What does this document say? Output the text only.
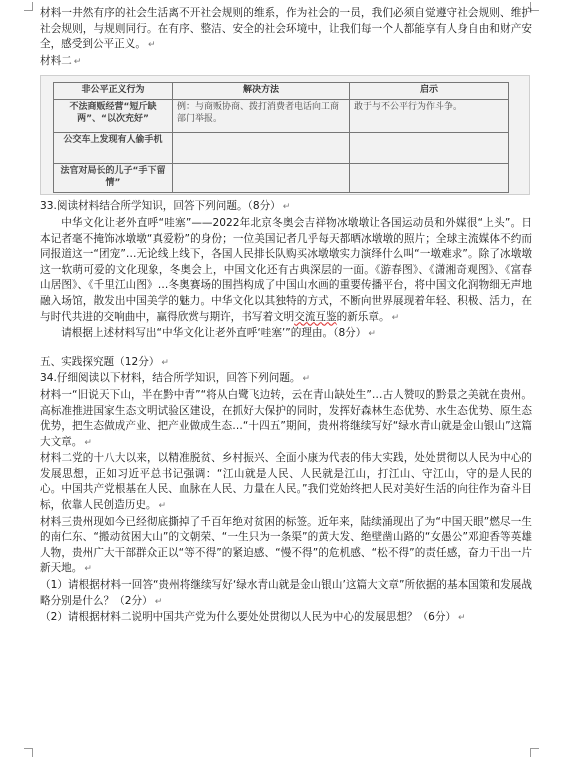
材料一井然有序的社会生活离不开社会规则的维系，作为社会的一员，我们必须自觉遵守社会规则、维护社会规则，与规则同行。在有序、整洁、安全的社会环境中，让我们每一个人都能享有人身自由和财产安全，感受到公平正义。 ↵

材料二 ↵

非公平正义行为	解决方法	启示
不法商贩经营“短斤缺两”、“以次充好”	例：与商贩协商、拨打消费者电话向工商部门举报。	敢于与不公平行为作斗争。
公交车上发现有人偷手机		
法官对局长的儿子“手下留情”		

33.阅读材料结合所学知识，回答下列问题。（8分） ↵

中华文化让老外直呼“哇塞”——2022年北京冬奥会吉祥物冰墩墩让各国运动员和外媒很“上头”。日本记者毫不掩饰冰墩墩“真爱粉”的身份；一位美国记者几乎每天都晒冰墩墩的照片；全球主流媒体不约而同报道这一“团宠”…无论线上线下，各国人民排长队购买冰墩墩实力演绎什么叫“一墩难求”。除了冰墩墩这一软萌可爱的文化现象，冬奥会上，中国文化还有古典深层的一面。《游春图》、《潇湘奇观图》、《富春山居图》、《千里江山图》…冬奥赛场的围挡构成了中国山水画的重要传播平台，将中国文化润物细无声地融入场馆，散发出中国美学的魅力。中华文化以其独特的方式，不断向世界展现着年轻、积极、活力，在与时代共进的交响曲中，赢得欣赏与期许，书写着文明交流互鉴的新乐章。 ↵

请根据上述材料写出“中华文化让老外直呼‘哇塞’”的理由。（8分） ↵

五、实践探究题（12分） ↵

34.仔细阅读以下材料，结合所学知识，回答下列问题。 ↵

材料一“旧说天下山，半在黔中青”“将从白鹭飞边转，云在青山缺处生”…古人赞叹的黔景之美就在贵州。高标准推进国家生态文明试验区建设，在抓好大保护的同时，发挥好森林生态优势、水生态优势、原生态优势，把生态做成产业、把产业做成生态…“十四五”期间，贵州将继续写好“绿水青山就是金山银山”这篇大文章。 ↵

材料二党的十八大以来，以精准脱贫、乡村振兴、全面小康为代表的伟大实践，处处贯彻以人民为中心的发展思想，正如习近平总书记强调：“江山就是人民、人民就是江山，打江山、守江山，守的是人民的心。中国共产党根基在人民、血脉在人民、力量在人民。”我们党始终把人民对美好生活的向往作为奋斗目标，依靠人民创造历史。 ↵

材料三贵州现如今已经彻底撕掉了千百年绝对贫困的标签。近年来，陆续涌现出了为“中国天眼”燃尽一生的南仁东、“搬动贫困大山”的文朝荣、“一生只为一条渠”的黄大发、绝壁凿山路的“女愚公”邓迎香等英雄人物，贵州广大干部群众正以“等不得”的紧迫感、“慢不得”的危机感、“松不得”的责任感，奋力干出一片新天地。 ↵

（1）请根据材料一回答“贵州将继续写好‘绿水青山就是金山银山’这篇大文章”所依据的基本国策和发展战略分别是什么？（2分） ↵

（2）请根据材料二说明中国共产党为什么要处处贯彻以人民为中心的发展思想？（6分） ↵
